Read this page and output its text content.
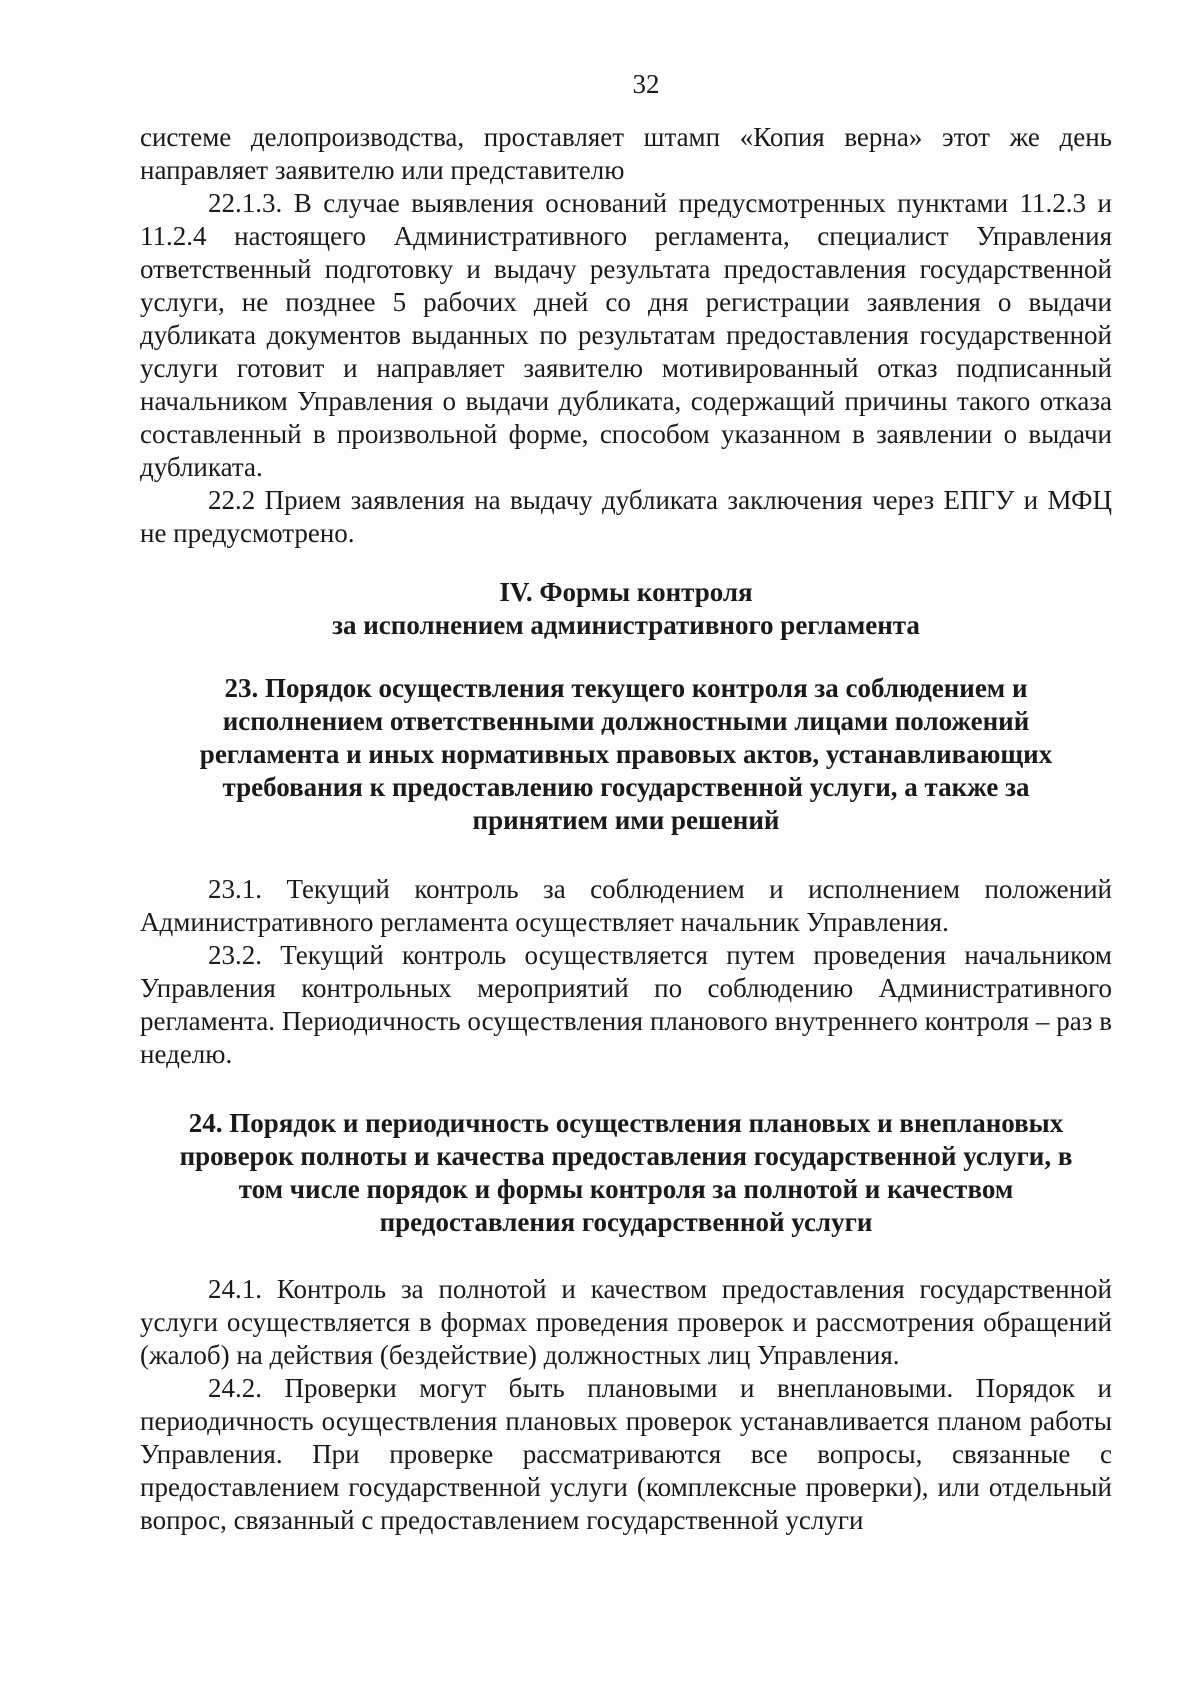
32

системе делопроизводства, проставляет штамп «Копия верна» этот же день направляет заявителю или представителю

22.1.3. В случае выявления оснований предусмотренных пунктами 11.2.3 и 11.2.4 настоящего Административного регламента, специалист Управления ответственный подготовку и выдачу результата предоставления государственной услуги, не позднее 5 рабочих дней со дня регистрации заявления о выдачи дубликата документов выданных по результатам предоставления государственной услуги готовит и направляет заявителю мотивированный отказ подписанный начальником Управления о выдачи дубликата, содержащий причины такого отказа составленный в произвольной форме, способом указанном в заявлении о выдачи дубликата.

22.2 Прием заявления на выдачу дубликата заключения через ЕПГУ и МФЦ не предусмотрено.

IV. Формы контроля
за исполнением административного регламента
23. Порядок осуществления текущего контроля за соблюдением и исполнением ответственными должностными лицами положений регламента и иных нормативных правовых актов, устанавливающих требования к предоставлению государственной услуги, а также за принятием ими решений

23.1. Текущий контроль за соблюдением и исполнением положений Административного регламента осуществляет начальник Управления.

23.2. Текущий контроль осуществляется путем проведения начальником Управления контрольных мероприятий по соблюдению Административного регламента. Периодичность осуществления планового внутреннего контроля – раз в неделю.

24. Порядок и периодичность осуществления плановых и внеплановых проверок полноты и качества предоставления государственной услуги, в том числе порядок и формы контроля за полнотой и качеством предоставления государственной услуги

24.1. Контроль за полнотой и качеством предоставления государственной услуги осуществляется в формах проведения проверок и рассмотрения обращений (жалоб) на действия (бездействие) должностных лиц Управления.

24.2. Проверки могут быть плановыми и внеплановыми. Порядок и периодичность осуществления плановых проверок устанавливается планом работы Управления. При проверке рассматриваются все вопросы, связанные с предоставлением государственной услуги (комплексные проверки), или отдельный вопрос, связанный с предоставлением государственной услуги
